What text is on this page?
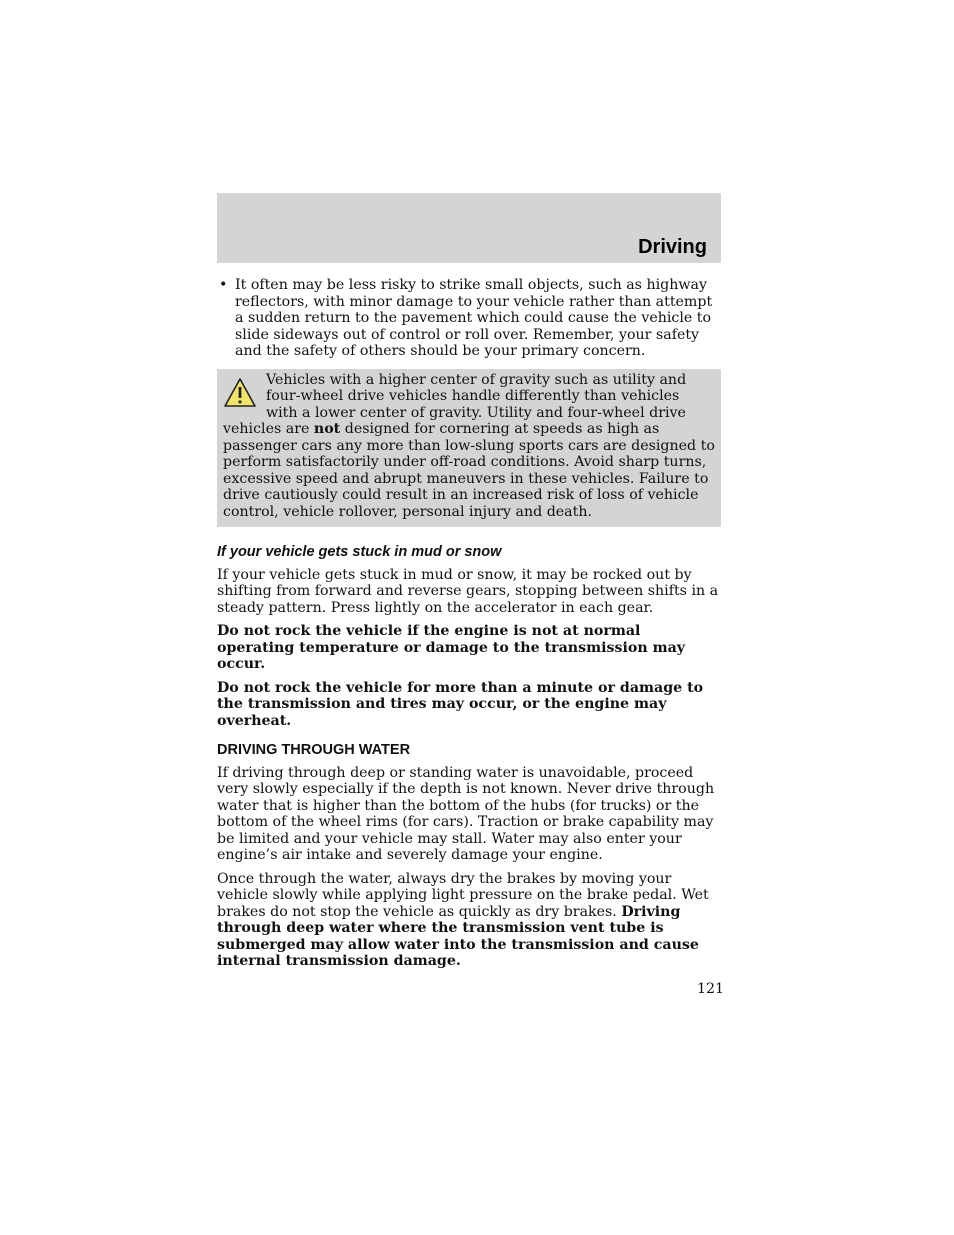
Driving
• It often may be less risky to strike small objects, such as highway reflectors, with minor damage to your vehicle rather than attempt a sudden return to the pavement which could cause the vehicle to slide sideways out of control or roll over. Remember, your safety and the safety of others should be your primary concern.
Vehicles with a higher center of gravity such as utility and four-wheel drive vehicles handle differently than vehicles with a lower center of gravity. Utility and four-wheel drive vehicles are not designed for cornering at speeds as high as passenger cars any more than low-slung sports cars are designed to perform satisfactorily under off-road conditions. Avoid sharp turns, excessive speed and abrupt maneuvers in these vehicles. Failure to drive cautiously could result in an increased risk of loss of vehicle control, vehicle rollover, personal injury and death.
If your vehicle gets stuck in mud or snow

If your vehicle gets stuck in mud or snow, it may be rocked out by shifting from forward and reverse gears, stopping between shifts in a steady pattern. Press lightly on the accelerator in each gear.

Do not rock the vehicle if the engine is not at normal operating temperature or damage to the transmission may occur.

Do not rock the vehicle for more than a minute or damage to the transmission and tires may occur, or the engine may overheat.

DRIVING THROUGH WATER

If driving through deep or standing water is unavoidable, proceed very slowly especially if the depth is not known. Never drive through water that is higher than the bottom of the hubs (for trucks) or the bottom of the wheel rims (for cars). Traction or brake capability may be limited and your vehicle may stall. Water may also enter your engine’s air intake and severely damage your engine.

Once through the water, always dry the brakes by moving your vehicle slowly while applying light pressure on the brake pedal. Wet brakes do not stop the vehicle as quickly as dry brakes. Driving through deep water where the transmission vent tube is submerged may allow water into the transmission and cause internal transmission damage.

121
